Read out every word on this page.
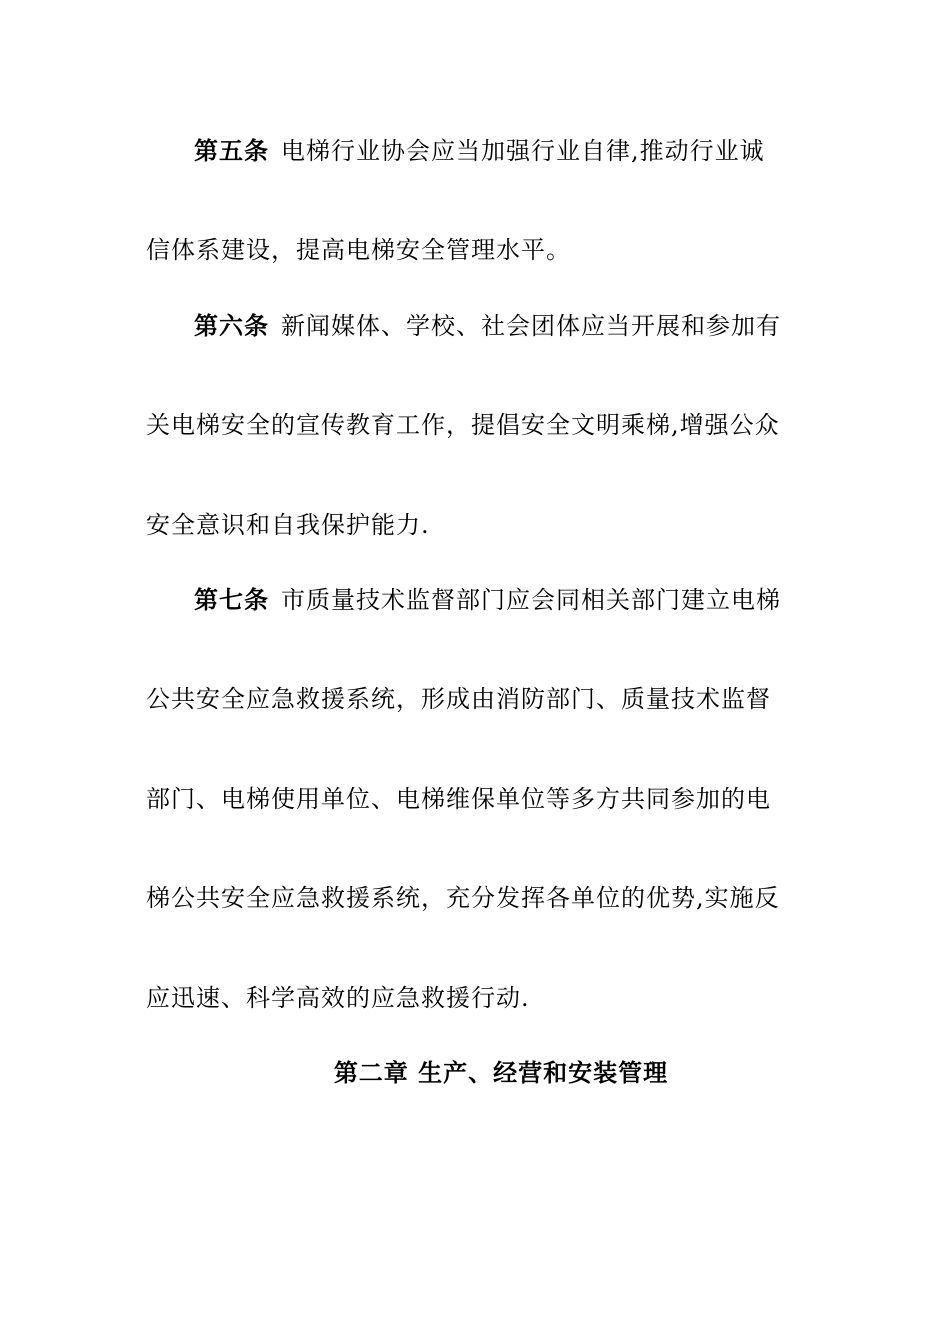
第五条 电梯行业协会应当加强行业自律,推动行业诚
信体系建设，提高电梯安全管理水平。
第六条 新闻媒体、学校、社会团体应当开展和参加有
关电梯安全的宣传教育工作，提倡安全文明乘梯,增强公众
安全意识和自我保护能力.
第七条 市质量技术监督部门应会同相关部门建立电梯
公共安全应急救援系统，形成由消防部门、质量技术监督
部门、电梯使用单位、电梯维保单位等多方共同参加的电
梯公共安全应急救援系统，充分发挥各单位的优势,实施反
应迅速、科学高效的应急救援行动.
第二章 生产、经营和安装管理
